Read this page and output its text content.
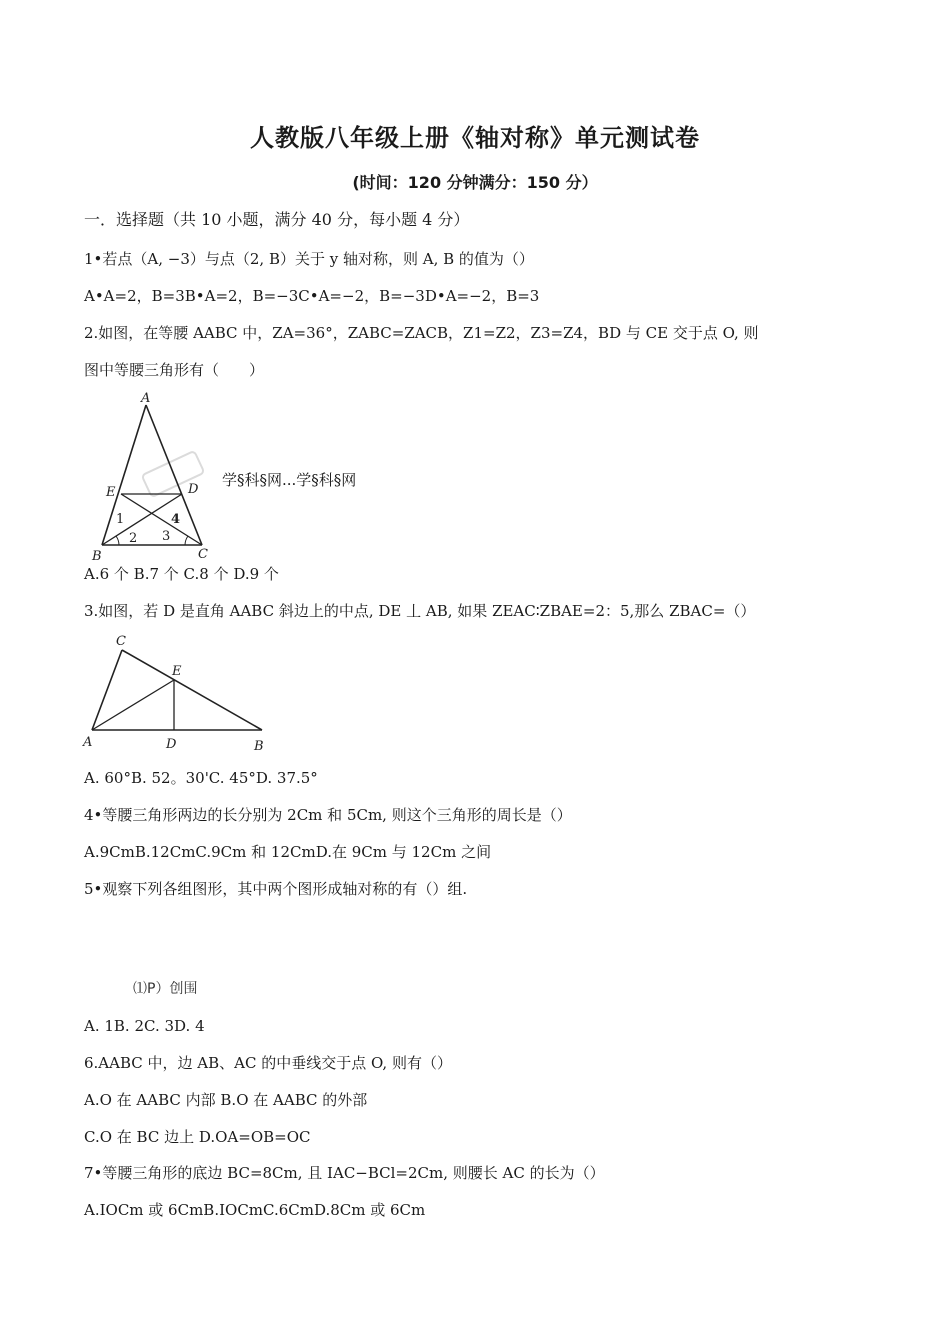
人教版八年级上册《轴对称》单元测试卷
(时间：120 分钟满分：150 分）
一．选择题（共 10 小题，满分 40 分，每小题 4 分）
1•若点（A, −3）与点（2, B）关于 y 轴对称，则 A, B 的值为（）
A•A=2，B=3B•A=2，B=−3C•A=−2，B=−3D•A=−2，B=3
2.如图，在等腰 AABC 中，ZA=36°，ZABC=ZACB，Z1=Z2，Z3=Z4，BD 与 CE 交于点 O, 则
图中等腰三角形有（　　）
A
B	C
D
E
1
2 3
4
学§科§网...学§科§网
A.6 个 B.7 个 C.8 个 D.9 个
3.如图，若 D 是直角 AABC 斜边上的中点, DE 丄 AB, 如果 ZEAC∶ZBAE=2：5,那么 ZBAC=（）
C
E
A	D	B
A. 60°B. 52。30'C. 45°D. 37.5°
4•等腰三角形两边的长分别为 2Cm 和 5Cm, 则这个三角形的周长是（）
A.9CmB.12CmC.9Cm 和 12CmD.在 9Cm 与 12Cm 之间
5•观察下列各组图形，其中两个图形成轴对称的有（）组.
⑴P）创围
A. 1B. 2C. 3D. 4
6.AABC 中，边 AB、AC 的中垂线交于点 O, 则有（）
A.O 在 AABC 内部 B.O 在 AABC 的外部
C.O 在 BC 边上 D.OA=OB=OC
7•等腰三角形的底边 BC=8Cm, 且 IAC−BCl=2Cm, 则腰长 AC 的长为（）
A.IOCm 或 6CmB.IOCmC.6CmD.8Cm 或 6Cm
